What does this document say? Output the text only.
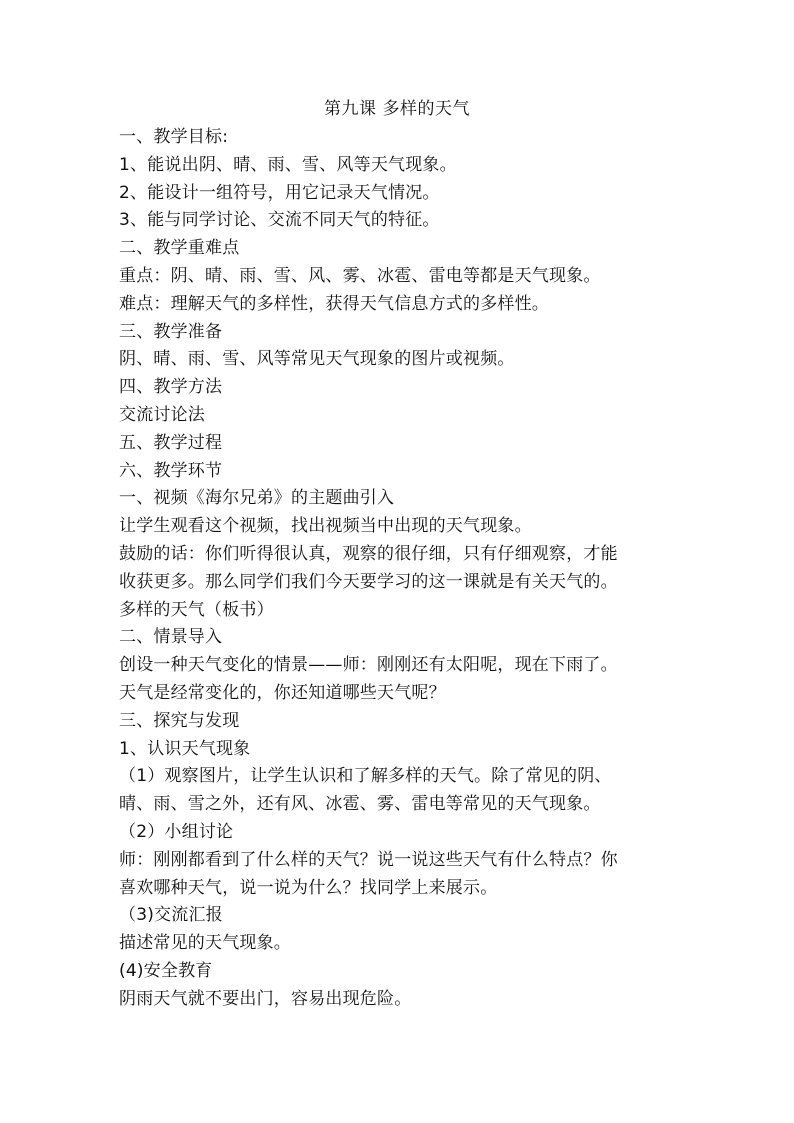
第九课 多样的天气
一、教学目标:
1、能说出阴、晴、雨、雪、风等天气现象。
2、能设计一组符号，用它记录天气情况。
3、能与同学讨论、交流不同天气的特征。
二、教学重难点
重点：阴、晴、雨、雪、风、雾、冰雹、雷电等都是天气现象。
难点：理解天气的多样性，获得天气信息方式的多样性。
三、教学准备
阴、晴、雨、雪、风等常见天气现象的图片或视频。
四、教学方法
交流讨论法
五、教学过程
六、教学环节
一、视频《海尔兄弟》的主题曲引入
让学生观看这个视频，找出视频当中出现的天气现象。
鼓励的话：你们听得很认真，观察的很仔细，只有仔细观察，才能
收获更多。那么同学们我们今天要学习的这一课就是有关天气的。
多样的天气（板书）
二、情景导入
创设一种天气变化的情景——师：刚刚还有太阳呢，现在下雨了。
天气是经常变化的，你还知道哪些天气呢？
三、探究与发现
1、认识天气现象
（1）观察图片，让学生认识和了解多样的天气。除了常见的阴、
晴、雨、雪之外，还有风、冰雹、雾、雷电等常见的天气现象。
（2）小组讨论
师：刚刚都看到了什么样的天气？说一说这些天气有什么特点？你
喜欢哪种天气，说一说为什么？找同学上来展示。
（3)交流汇报
描述常见的天气现象。
(4)安全教育
阴雨天气就不要出门，容易出现危险。
